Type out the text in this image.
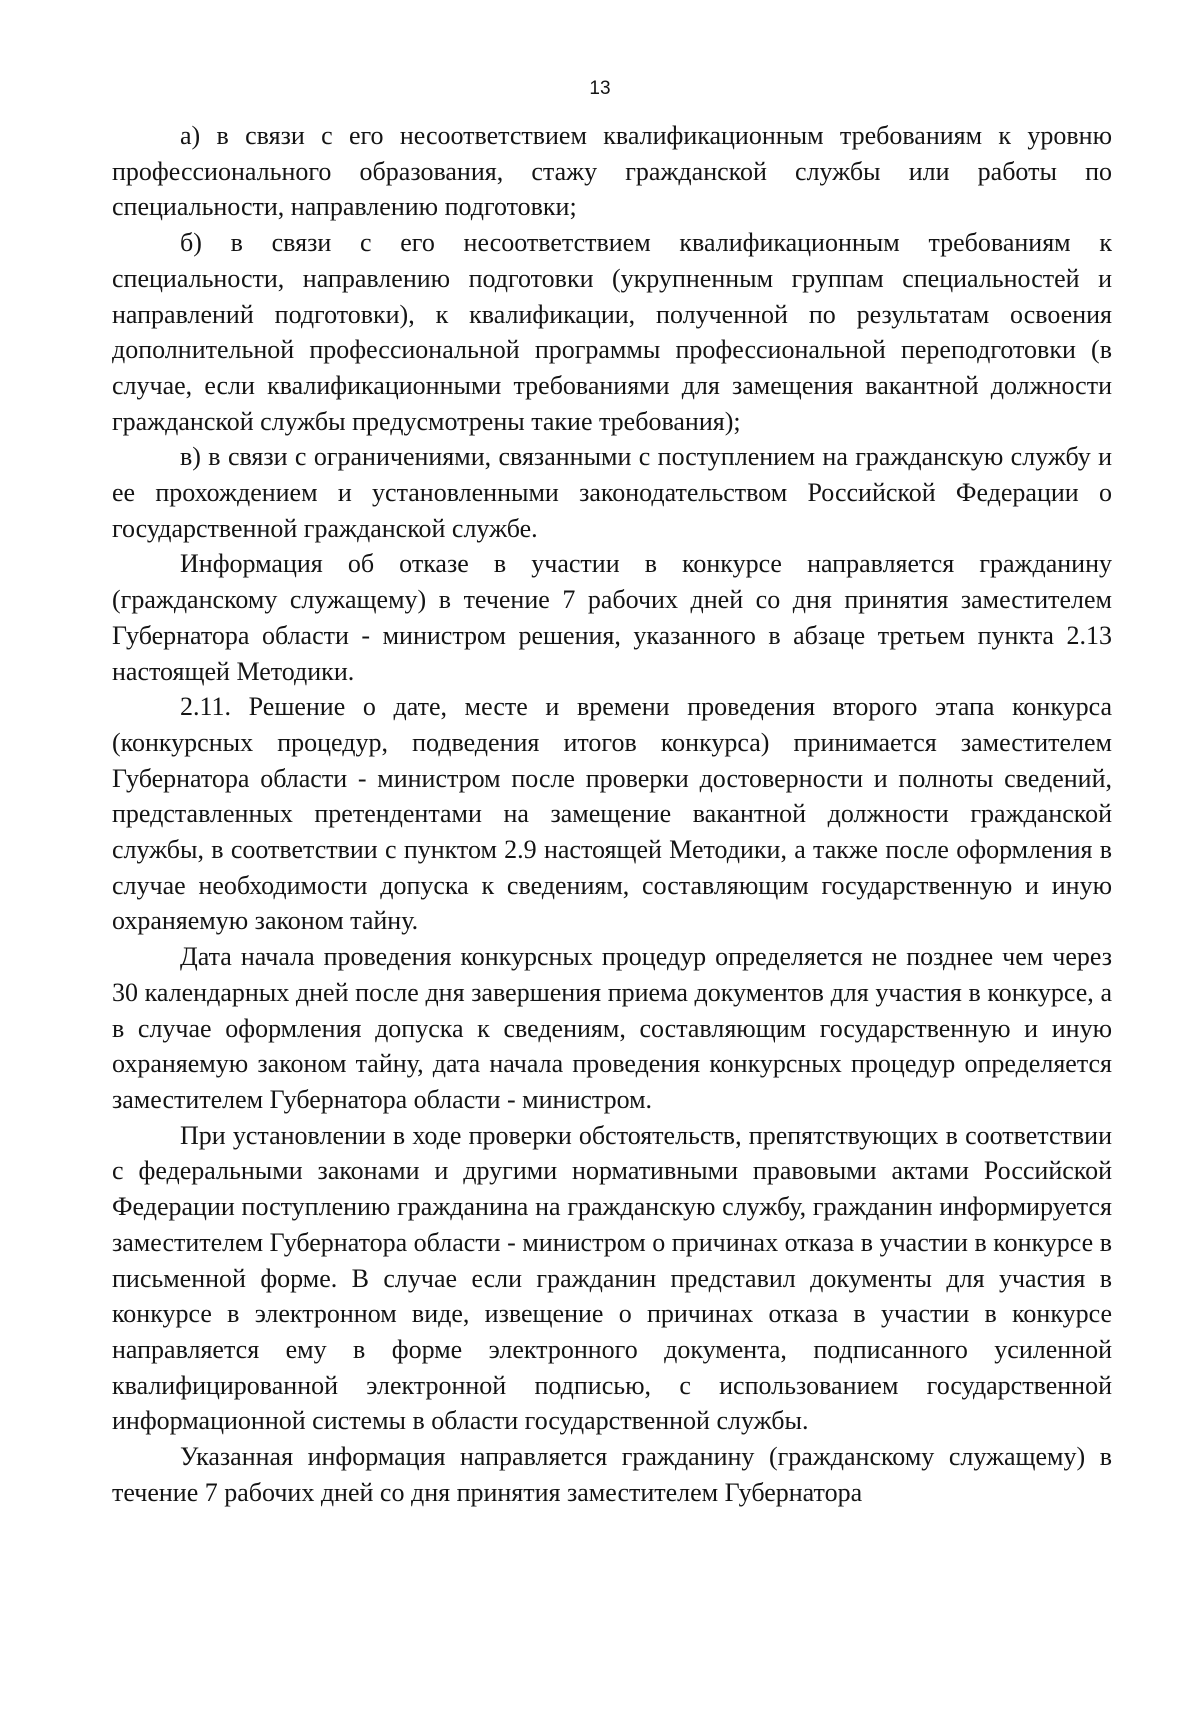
13

а) в связи с его несоответствием квалификационным требованиям к уровню профессионального образования, стажу гражданской службы или работы по специальности, направлению подготовки;

б) в связи с его несоответствием квалификационным требованиям к специальности, направлению подготовки (укрупненным группам специальностей и направлений подготовки), к квалификации, полученной по результатам освоения дополнительной профессиональной программы профессиональной переподготовки (в случае, если квалификационными требованиями для замещения вакантной должности гражданской службы предусмотрены такие требования);

в) в связи с ограничениями, связанными с поступлением на гражданскую службу и ее прохождением и установленными законодательством Российской Федерации о государственной гражданской службе.

Информация об отказе в участии в конкурсе направляется гражданину (гражданскому служащему) в течение 7 рабочих дней со дня принятия заместителем Губернатора области - министром решения, указанного в абзаце третьем пункта 2.13 настоящей Методики.

2.11. Решение о дате, месте и времени проведения второго этапа конкурса (конкурсных процедур, подведения итогов конкурса) принимается заместителем Губернатора области - министром после проверки достоверности и полноты сведений, представленных претендентами на замещение вакантной должности гражданской службы, в соответствии с пунктом 2.9 настоящей Методики, а также после оформления в случае необходимости допуска к сведениям, составляющим государственную и иную охраняемую законом тайну.

Дата начала проведения конкурсных процедур определяется не позднее чем через 30 календарных дней после дня завершения приема документов для участия в конкурсе, а в случае оформления допуска к сведениям, составляющим государственную и иную охраняемую законом тайну, дата начала проведения конкурсных процедур определяется заместителем Губернатора области - министром.

При установлении в ходе проверки обстоятельств, препятствующих в соответствии с федеральными законами и другими нормативными правовыми актами Российской Федерации поступлению гражданина на гражданскую службу, гражданин информируется заместителем Губернатора области - министром о причинах отказа в участии в конкурсе в письменной форме. В случае если гражданин представил документы для участия в конкурсе в электронном виде, извещение о причинах отказа в участии в конкурсе направляется ему в форме электронного документа, подписанного усиленной квалифицированной электронной подписью, с использованием государственной информационной системы в области государственной службы.

Указанная информация направляется гражданину (гражданскому служащему) в течение 7 рабочих дней со дня принятия заместителем Губернатора
